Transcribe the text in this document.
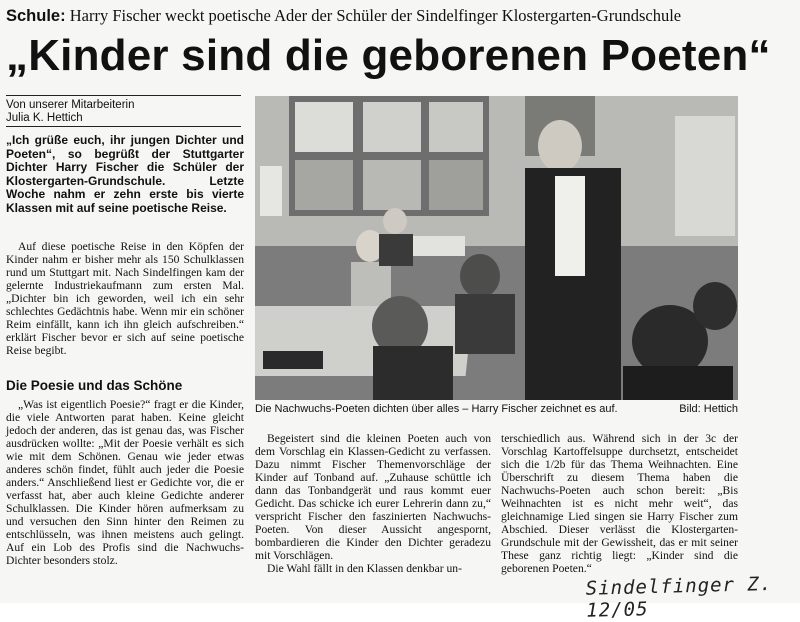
Schule: Harry Fischer weckt poetische Ader der Schüler der Sindelfinger Klostergarten-Grundschule
„Kinder sind die geborenen Poeten“
Von unserer Mitarbeiterin
Julia K. Hettich
„Ich grüße euch, ihr jungen Dichter und Poeten“, so begrüßt der Stuttgarter Dichter Harry Fischer die Schüler der Klostergarten-Grundschule. Letzte Woche nahm er zehn erste bis vierte Klassen mit auf seine poetische Reise.

Auf diese poetische Reise in den Köpfen der Kinder nahm er bisher mehr als 150 Schulklassen rund um Stuttgart mit. Nach Sindelfingen kam der gelernte Industriekaufmann zum ersten Mal. „Dichter bin ich geworden, weil ich ein sehr schlechtes Gedächtnis habe. Wenn mir ein schöner Reim einfällt, kann ich ihn gleich aufschreiben.“ erklärt Fischer bevor er sich auf seine poetische Reise begibt.

Die Poesie und das Schöne

„Was ist eigentlich Poesie?“ fragt er die Kinder, die viele Antworten parat haben. Keine gleicht jedoch der anderen, das ist genau das, was Fischer ausdrücken wollte: „Mit der Poesie verhält es sich wie mit dem Schönen. Genau wie jeder etwas anderes schön findet, fühlt auch jeder die Poesie anders.“ Anschließend liest er Gedichte vor, die er verfasst hat, aber auch kleine Gedichte anderer Schulklassen. Die Kinder hören aufmerksam zu und versuchen den Sinn hinter den Reimen zu entschlüsseln, was ihnen meistens auch gelingt. Auf ein Lob des Profis sind die Nachwuchs-Dichter besonders stolz.

Die Nachwuchs-Poeten dichten über alles – Harry Fischer zeichnet es auf.	Bild: Hettich

Begeistert sind die kleinen Poeten auch von dem Vorschlag ein Klassen-Gedicht zu verfassen. Dazu nimmt Fischer Themenvorschläge der Kinder auf Tonband auf. „Zuhause schüttle ich dann das Tonbandgerät und raus kommt euer Gedicht. Das schicke ich eurer Lehrerin dann zu,“ verspricht Fischer den faszinierten Nachwuchs-Poeten. Von dieser Aussicht angespornt, bombardieren die Kinder den Dichter geradezu mit Vorschlägen.

Die Wahl fällt in den Klassen denkbar un-

terschiedlich aus. Während sich in der 3c der Vorschlag Kartoffelsuppe durchsetzt, entscheidet sich die 1/2b für das Thema Weihnachten. Eine Überschrift zu diesem Thema haben die Nachwuchs-Poeten auch schon bereit: „Bis Weihnachten ist es nicht mehr weit“, das gleichnamige Lied singen sie Harry Fischer zum Abschied. Dieser verlässt die Klostergarten-Grundschule mit der Gewissheit, das er mit seiner These ganz richtig liegt: „Kinder sind die geborenen Poeten.“

Sindelfinger Z. 12/05
